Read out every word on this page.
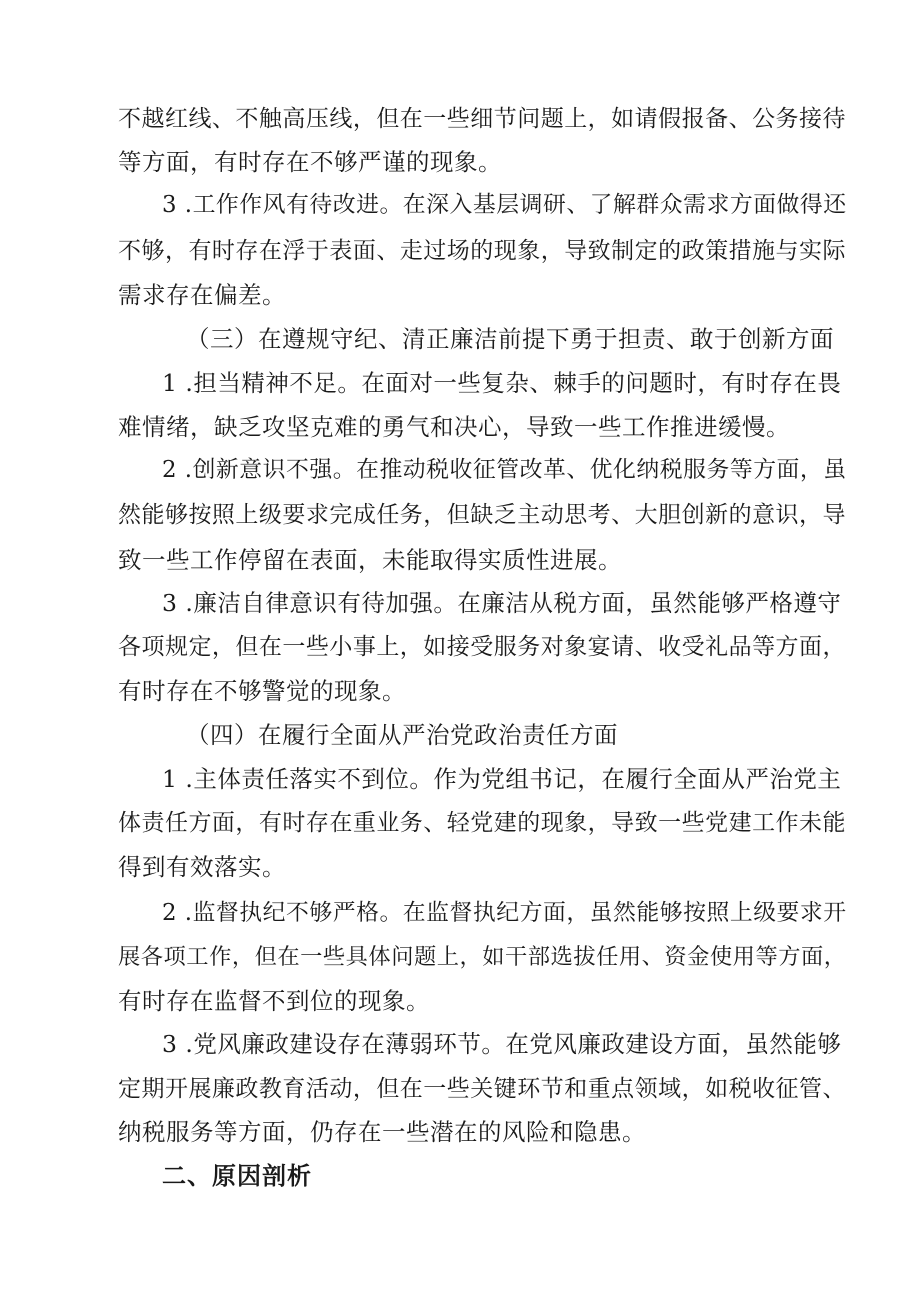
不越红线、不触高压线，但在一些细节问题上，如请假报备、公务接待
等方面，有时存在不够严谨的现象。
3 .工作作风有待改进。在深入基层调研、了解群众需求方面做得还
不够，有时存在浮于表面、走过场的现象，导致制定的政策措施与实际
需求存在偏差。
（三）在遵规守纪、清正廉洁前提下勇于担责、敢于创新方面
1 .担当精神不足。在面对一些复杂、棘手的问题时，有时存在畏
难情绪，缺乏攻坚克难的勇气和决心，导致一些工作推进缓慢。
2 .创新意识不强。在推动税收征管改革、优化纳税服务等方面，虽
然能够按照上级要求完成任务，但缺乏主动思考、大胆创新的意识，导
致一些工作停留在表面，未能取得实质性进展。
3 .廉洁自律意识有待加强。在廉洁从税方面，虽然能够严格遵守
各项规定，但在一些小事上，如接受服务对象宴请、收受礼品等方面，
有时存在不够警觉的现象。
（四）在履行全面从严治党政治责任方面
1 .主体责任落实不到位。作为党组书记，在履行全面从严治党主
体责任方面，有时存在重业务、轻党建的现象，导致一些党建工作未能
得到有效落实。
2 .监督执纪不够严格。在监督执纪方面，虽然能够按照上级要求开
展各项工作，但在一些具体问题上，如干部选拔任用、资金使用等方面，
有时存在监督不到位的现象。
3 .党风廉政建设存在薄弱环节。在党风廉政建设方面，虽然能够
定期开展廉政教育活动，但在一些关键环节和重点领域，如税收征管、
纳税服务等方面，仍存在一些潜在的风险和隐患。
二、原因剖析
